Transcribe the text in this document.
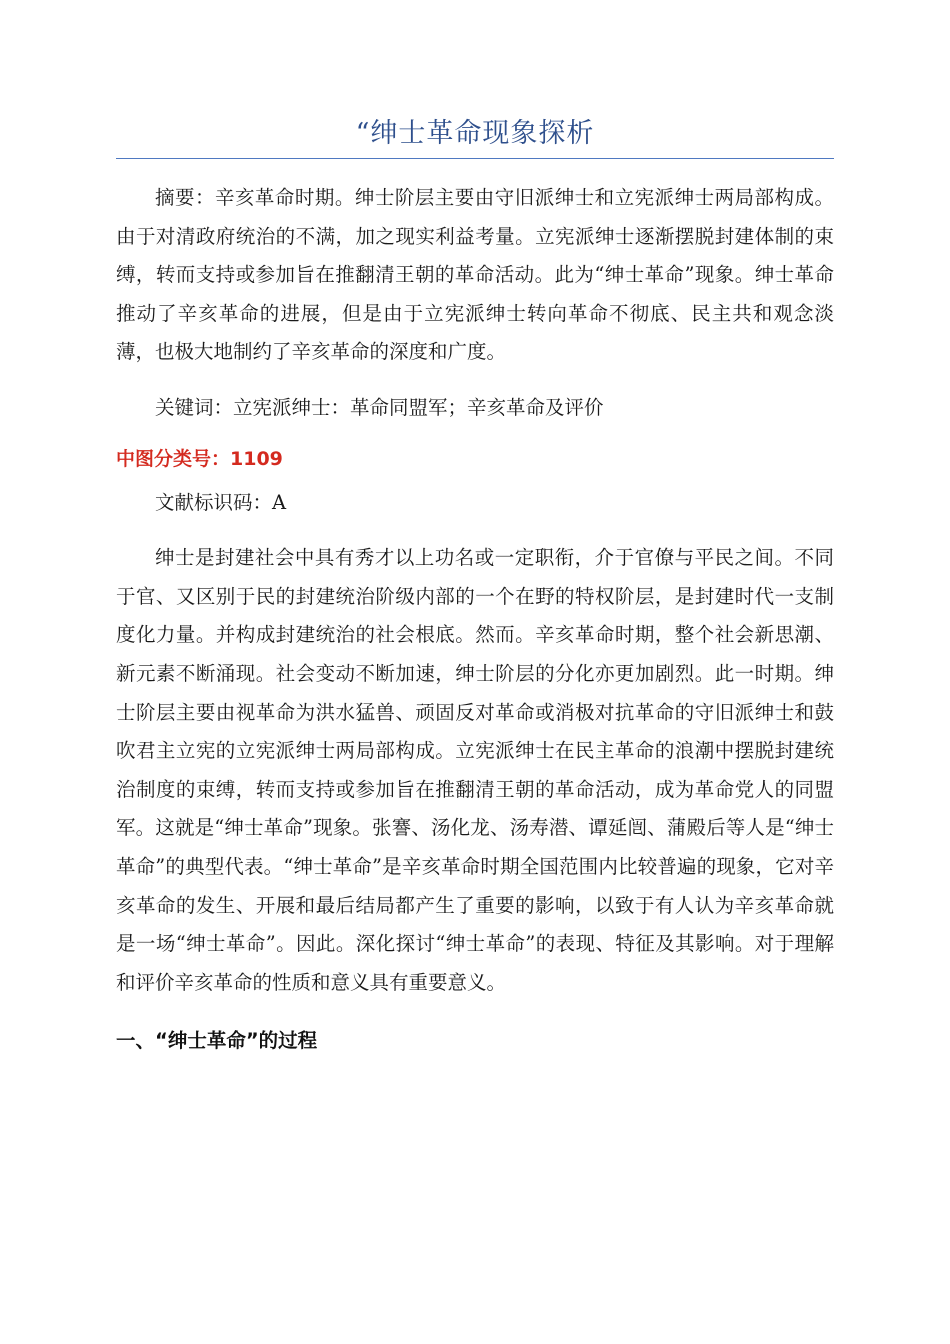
“绅士革命现象探析

摘要：辛亥革命时期。绅士阶层主要由守旧派绅士和立宪派绅士两局部构成。由于对清政府统治的不满，加之现实利益考量。立宪派绅士逐渐摆脱封建体制的束缚，转而支持或参加旨在推翻清王朝的革命活动。此为“绅士革命”现象。绅士革命推动了辛亥革命的进展，但是由于立宪派绅士转向革命不彻底、民主共和观念淡薄，也极大地制约了辛亥革命的深度和广度。

关键词：立宪派绅士：革命同盟军；辛亥革命及评价

中图分类号：1109

文献标识码：A

绅士是封建社会中具有秀才以上功名或一定职衔，介于官僚与平民之间。不同于官、又区别于民的封建统治阶级内部的一个在野的特权阶层，是封建时代一支制度化力量。并构成封建统治的社会根底。然而。辛亥革命时期，整个社会新思潮、新元素不断涌现。社会变动不断加速，绅士阶层的分化亦更加剧烈。此一时期。绅士阶层主要由视革命为洪水猛兽、顽固反对革命或消极对抗革命的守旧派绅士和鼓吹君主立宪的立宪派绅士两局部构成。立宪派绅士在民主革命的浪潮中摆脱封建统治制度的束缚，转而支持或参加旨在推翻清王朝的革命活动，成为革命党人的同盟军。这就是“绅士革命”现象。张謇、汤化龙、汤寿潜、谭延闿、蒲殿后等人是“绅士革命”的典型代表。“绅士革命”是辛亥革命时期全国范围内比较普遍的现象，它对辛亥革命的发生、开展和最后结局都产生了重要的影响，以致于有人认为辛亥革命就是一场“绅士革命”。因此。深化探讨“绅士革命”的表现、特征及其影响。对于理解和评价辛亥革命的性质和意义具有重要意义。

一、“绅士革命”的过程
